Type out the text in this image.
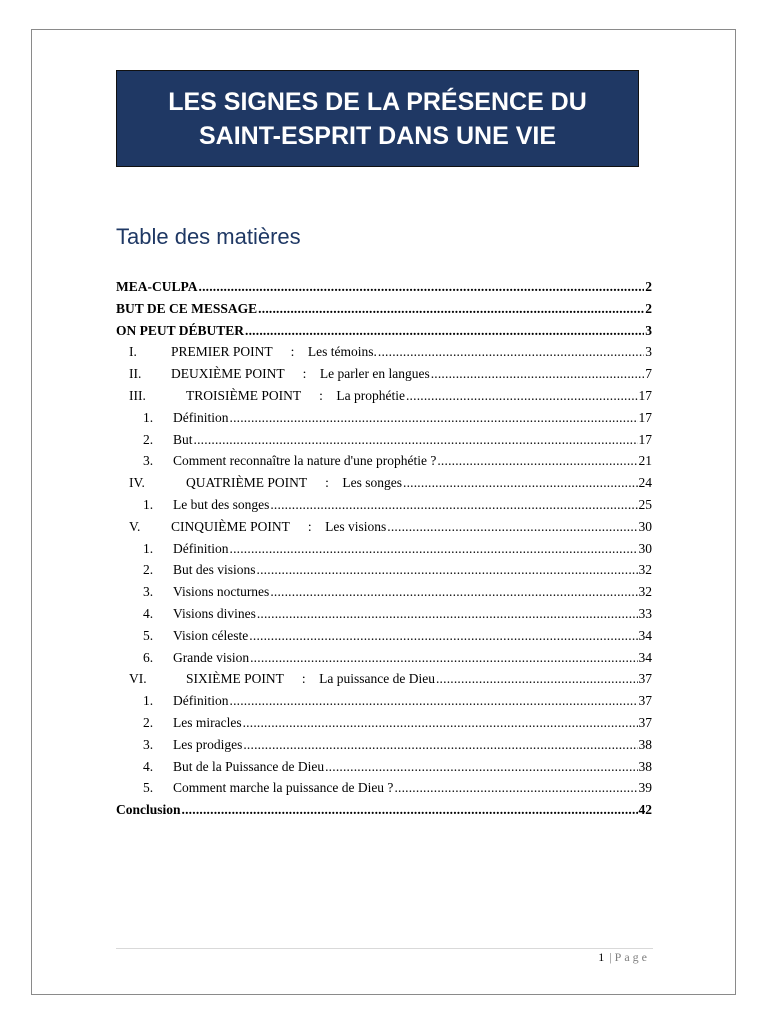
LES SIGNES DE LA PRÉSENCE DU
SAINT-ESPRIT DANS UNE VIE
Table des matières
MEA-CULPA .....	2
BUT DE CE MESSAGE .....	2
ON PEUT DÉBUTER .....	3
I.	PREMIER POINT :    Les témoins. .....	3
II.	DEUXIÈME POINT :    Le parler en langues .....	7
III.	TROISIÈME POINT :    La prophétie .....	17
1.	Définition .....	17
2.	But .....	17
3.	Comment reconnaître la nature d'une prophétie ? .....	21
IV.	QUATRIÈME POINT :    Les songes .....	24
1.	Le but des songes .....	25
V.	CINQUIÈME POINT :    Les visions .....	30
1.	Définition .....	30
2.	But des visions .....	32
3.	Visions nocturnes .....	32
4.	Visions divines .....	33
5.	Vision céleste .....	34
6.	Grande vision .....	34
VI.	SIXIÈME POINT :    La puissance de Dieu .....	37
1.	Définition .....	37
2.	Les miracles .....	37
3.	Les prodiges .....	38
4.	But de la Puissance de Dieu .....	38
5.	Comment marche la puissance de Dieu ? .....	39
Conclusion .....	42
1 | Page
